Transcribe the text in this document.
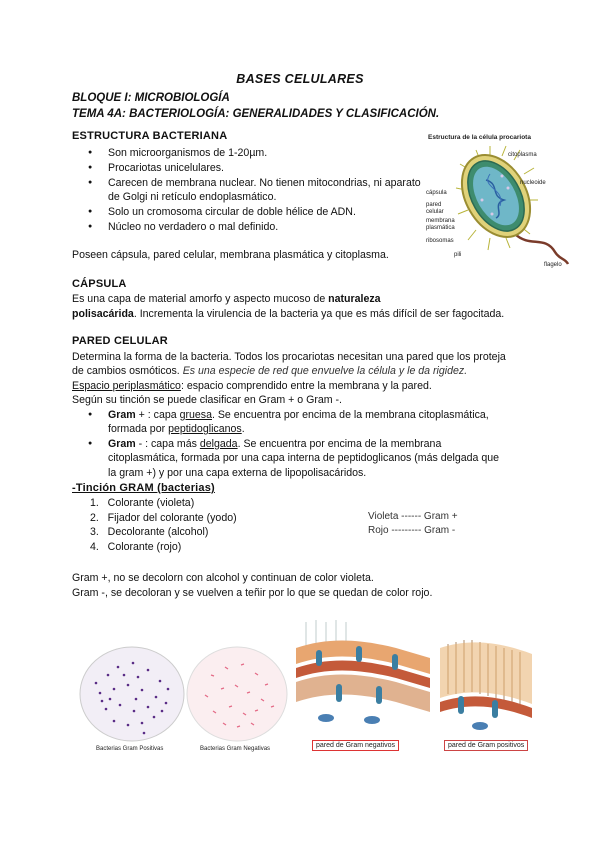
BASES CELULARES
BLOQUE I: MICROBIOLOGÍA
TEMA 4A: BACTERIOLOGÍA: GENERALIDADES Y CLASIFICACIÓN.
ESTRUCTURA BACTERIANA
● Son microorganismos de 1-20µm.
● Procariotas unicelulares.
● Carecen de membrana nuclear. No tienen mitocondrias, ni aparato
de Golgi ni retículo endoplasmático.
● Solo un cromosoma circular de doble hélice de ADN.
● Núcleo no verdadero o mal definido.
Poseen cápsula, pared celular, membrana plasmática y citoplasma.
Estructura de la célula procariota
citoplasma
nucleoide
cápsula
pared celular
membrana plasmática
ribosomas
pili
flagelo
CÁPSULA
Es una capa de material amorfo y aspecto mucoso de naturaleza
polisacárida. Incrementa la virulencia de la bacteria ya que es más difícil de ser fagocitada.
PARED CELULAR
Determina la forma de la bacteria. Todos los procariotas necesitan una pared que los proteja
de cambios osmóticos. Es una especie de red que envuelve la célula y le da rigidez.
Espacio periplasmático: espacio comprendido entre la membrana y la pared.
Según su tinción se puede clasificar en Gram + o Gram -.
● Gram + : capa gruesa. Se encuentra por encima de la membrana citoplasmática,
formada por peptidoglicanos.
● Gram - : capa más delgada. Se encuentra por encima de la membrana
citoplasmática, formada por una capa interna de peptidoglicanos (más delgada que
la gram +) y por una capa externa de lipopolisacáridos.
-Tinción GRAM (bacterias)
1.   Colorante (violeta)
2.   Fijador del colorante (yodo)
3.   Decolorante (alcohol)
4.   Colorante (rojo)
Violeta ------ Gram +
Rojo --------- Gram -
Gram +, no se decolorn con alcohol y continuan de color violeta.
Gram -, se decoloran y se vuelven a teñir por lo que se quedan de color rojo.
Bacterias Gram Positivas	Bacterias Gram Negativas	pared de Gram negativos	pared de Gram positivos
